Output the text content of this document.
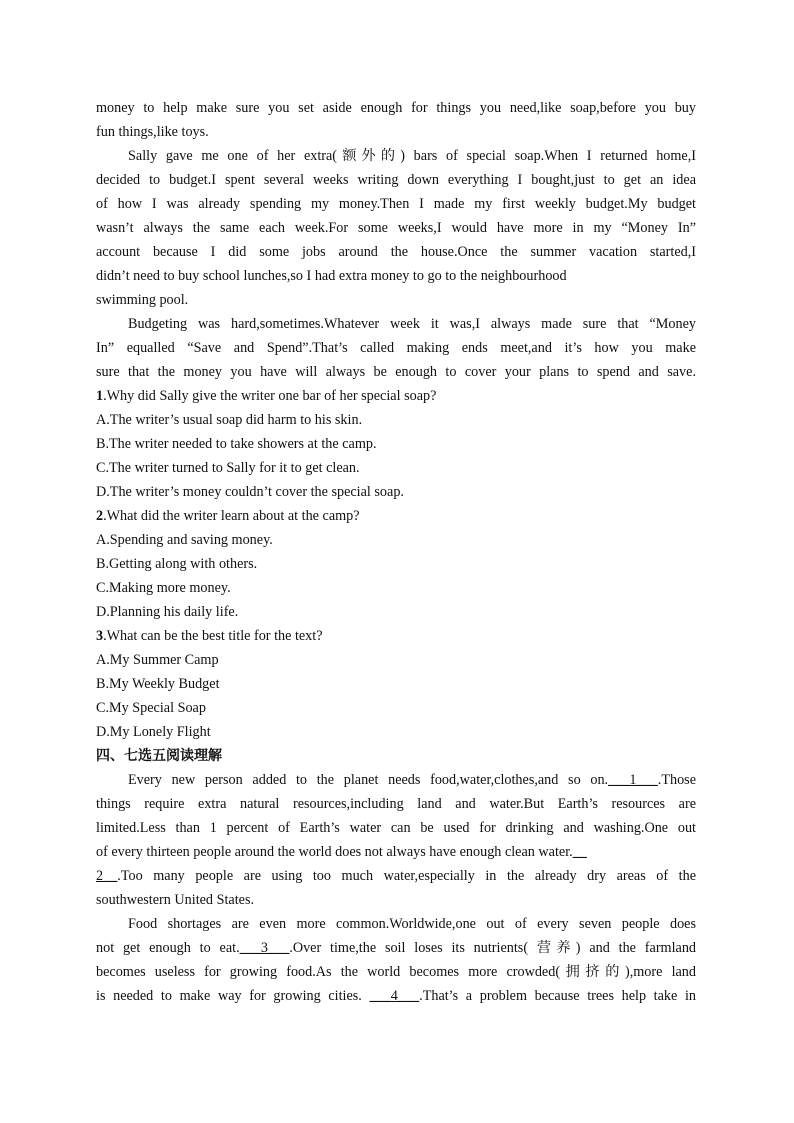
money to help make sure you set aside enough for things you need,like soap,before you buy
fun things,like toys.
Sally gave me one of her extra(额外的) bars of special soap.When I returned home,I
decided to budget.I spent several weeks writing down everything I bought,just to get an idea
of how I was already spending my money.Then I made my first weekly budget.My budget
wasn’t always the same each week.For some weeks,I would have more in my “Money In”
account because I did some jobs around the house.Once the summer vacation started,I
didn’t need to buy school lunches,so I had extra money to go to the neighbourhood
swimming pool.
Budgeting was hard,sometimes.Whatever week it was,I always made sure that “Money
In” equalled “Save and Spend”.That’s called making ends meet,and it’s how you make
sure that the money you have will always be enough to cover your plans to spend and save.
1.Why did Sally give the writer one bar of her special soap?
A.The writer’s usual soap did harm to his skin.
B.The writer needed to take showers at the camp.
C.The writer turned to Sally for it to get clean.
D.The writer’s money couldn’t cover the special soap.
2.What did the writer learn about at the camp?
A.Spending and saving money.
B.Getting along with others.
C.Making more money.
D.Planning his daily life.
3.What can be the best title for the text?
A.My Summer Camp
B.My Weekly Budget
C.My Special Soap
D.My Lonely Flight
四、七选五阅读理解
Every new person added to the planet needs food,water,clothes,and so on.___1___.Those
things require extra natural resources,including land and water.But Earth’s resources are
limited.Less than 1 percent of Earth’s water can be used for drinking and washing.One out
of every thirteen people around the world does not always have enough clean water.__
2__.Too many people are using too much water,especially in the already dry areas of the
southwestern United States.
Food shortages are even more common.Worldwide,one out of every seven people does
not get enough to eat.___3___.Over time,the soil loses its nutrients( 营养) and the farmland
becomes useless for growing food.As the world becomes more crowded(拥挤的),more land
is needed to make way for growing cities. ___4___.That’s a problem because trees help take in
